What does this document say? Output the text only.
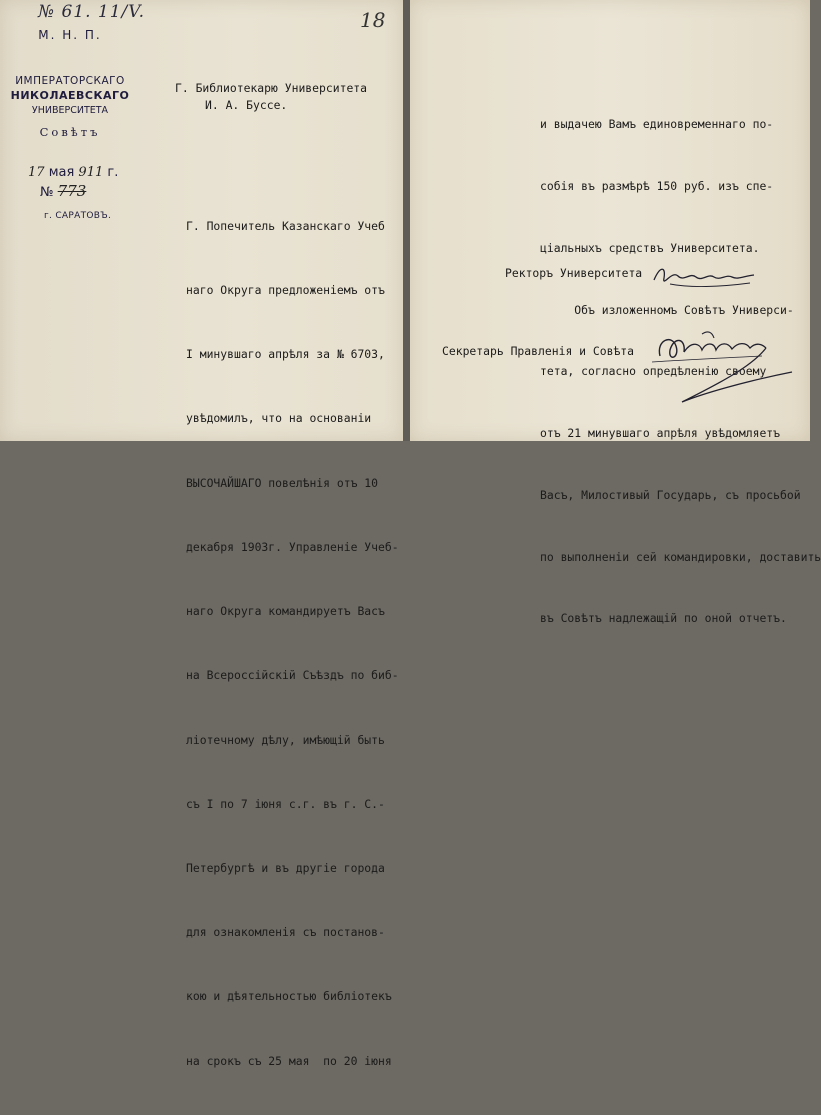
№ 61. 11/V.	18
М. Н. П.
ИМПЕРАТОРСКАГО
НИКОЛАЕВСКАГО
УНИВЕРСИТЕТА
Совѣтъ
17 мая 911 г.
№ 773
г. САРАТОВЪ.
Г. Библиотекарю Университета
И. А. Буссе.

Г. Попечитель Казанскаго Учеб

наго Округа предложенiемъ отъ

I минувшаго апрѣля за № 6703,

увѣдомилъ, что на основанiи

ВЫСОЧАЙШАГО повелѣнiя отъ 10

декабря 1903г. Управленiе Учеб-

наго Округа командируетъ Васъ

на Всероссiйскiй Съѣздъ по биб-

лiотечному дѣлу, имѣющiй быть

съ I по 7 iюня с.г. въ г. С.-

Петербургѣ и въ другiе города

для ознакомленiя съ постанов-

кою и дѣятельностью библiотекъ

на срокъ съ 25 мая  по 20 iюня

и выдачею Вамъ единовременнаго по-

собiя въ размѣрѣ 150 руб. изъ спе-

цiальныхъ средствъ Университета.

Объ изложенномъ Совѣтъ Универси-

тета, согласно опредѣленiю своему

отъ 21 минувшаго апрѣля увѣдомляетъ

Васъ, Милостивый Государь, съ просьбой

по выполненiи сей командировки, доставить

въ Совѣтъ надлежащiй по оной отчетъ.

Ректоръ Университета
Секретарь Правленiя и Совѣта
